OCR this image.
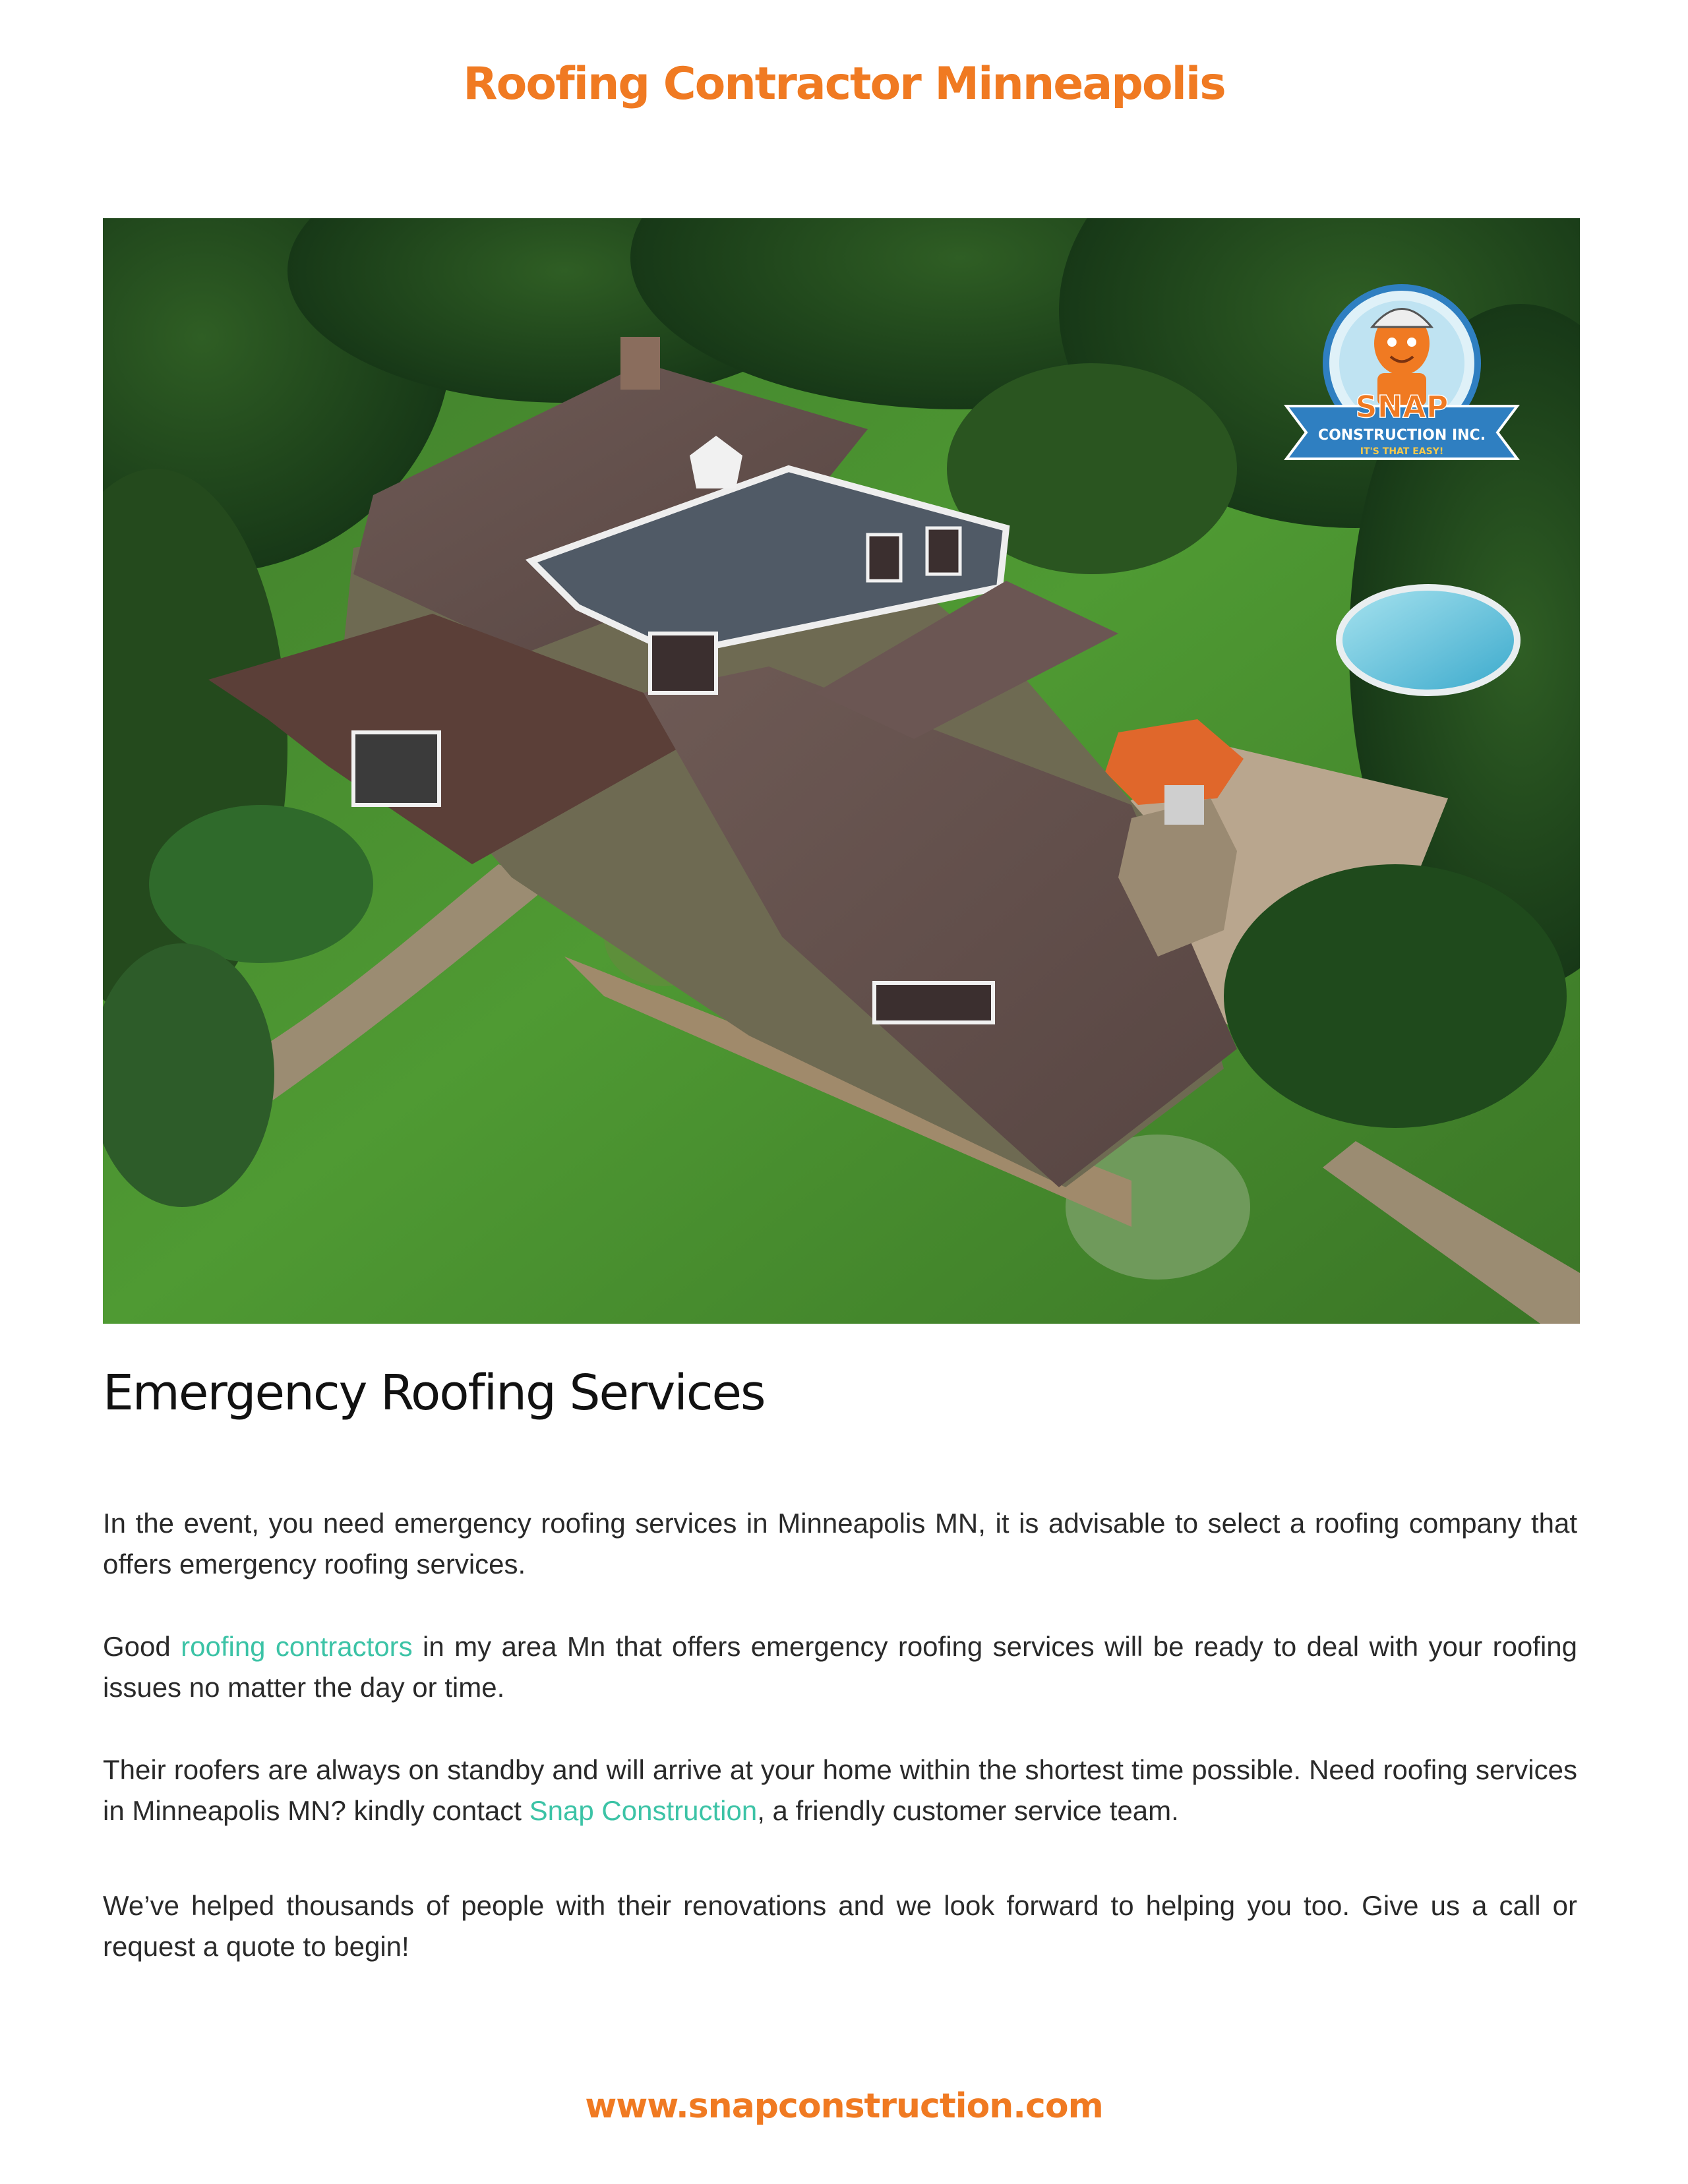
Roofing Contractor Minneapolis
SNAP
CONSTRUCTION INC.
IT'S THAT EASY!
Emergency Roofing Services

In the event, you need emergency roofing services in Minneapolis MN, it is advisable to select a roofing company that offers emergency roofing services.

Good roofing contractors in my area Mn that offers emergency roofing services will be ready to deal with your roofing issues no matter the day or time.

Their roofers are always on standby and will arrive at your home within the shortest time possible. Need roofing services in Minneapolis MN? kindly contact Snap Construction, a friendly customer service team.

We’ve helped thousands of people with their renovations and we look forward to helping you too. Give us a call or request a quote to begin!

www.snapconstruction.com
